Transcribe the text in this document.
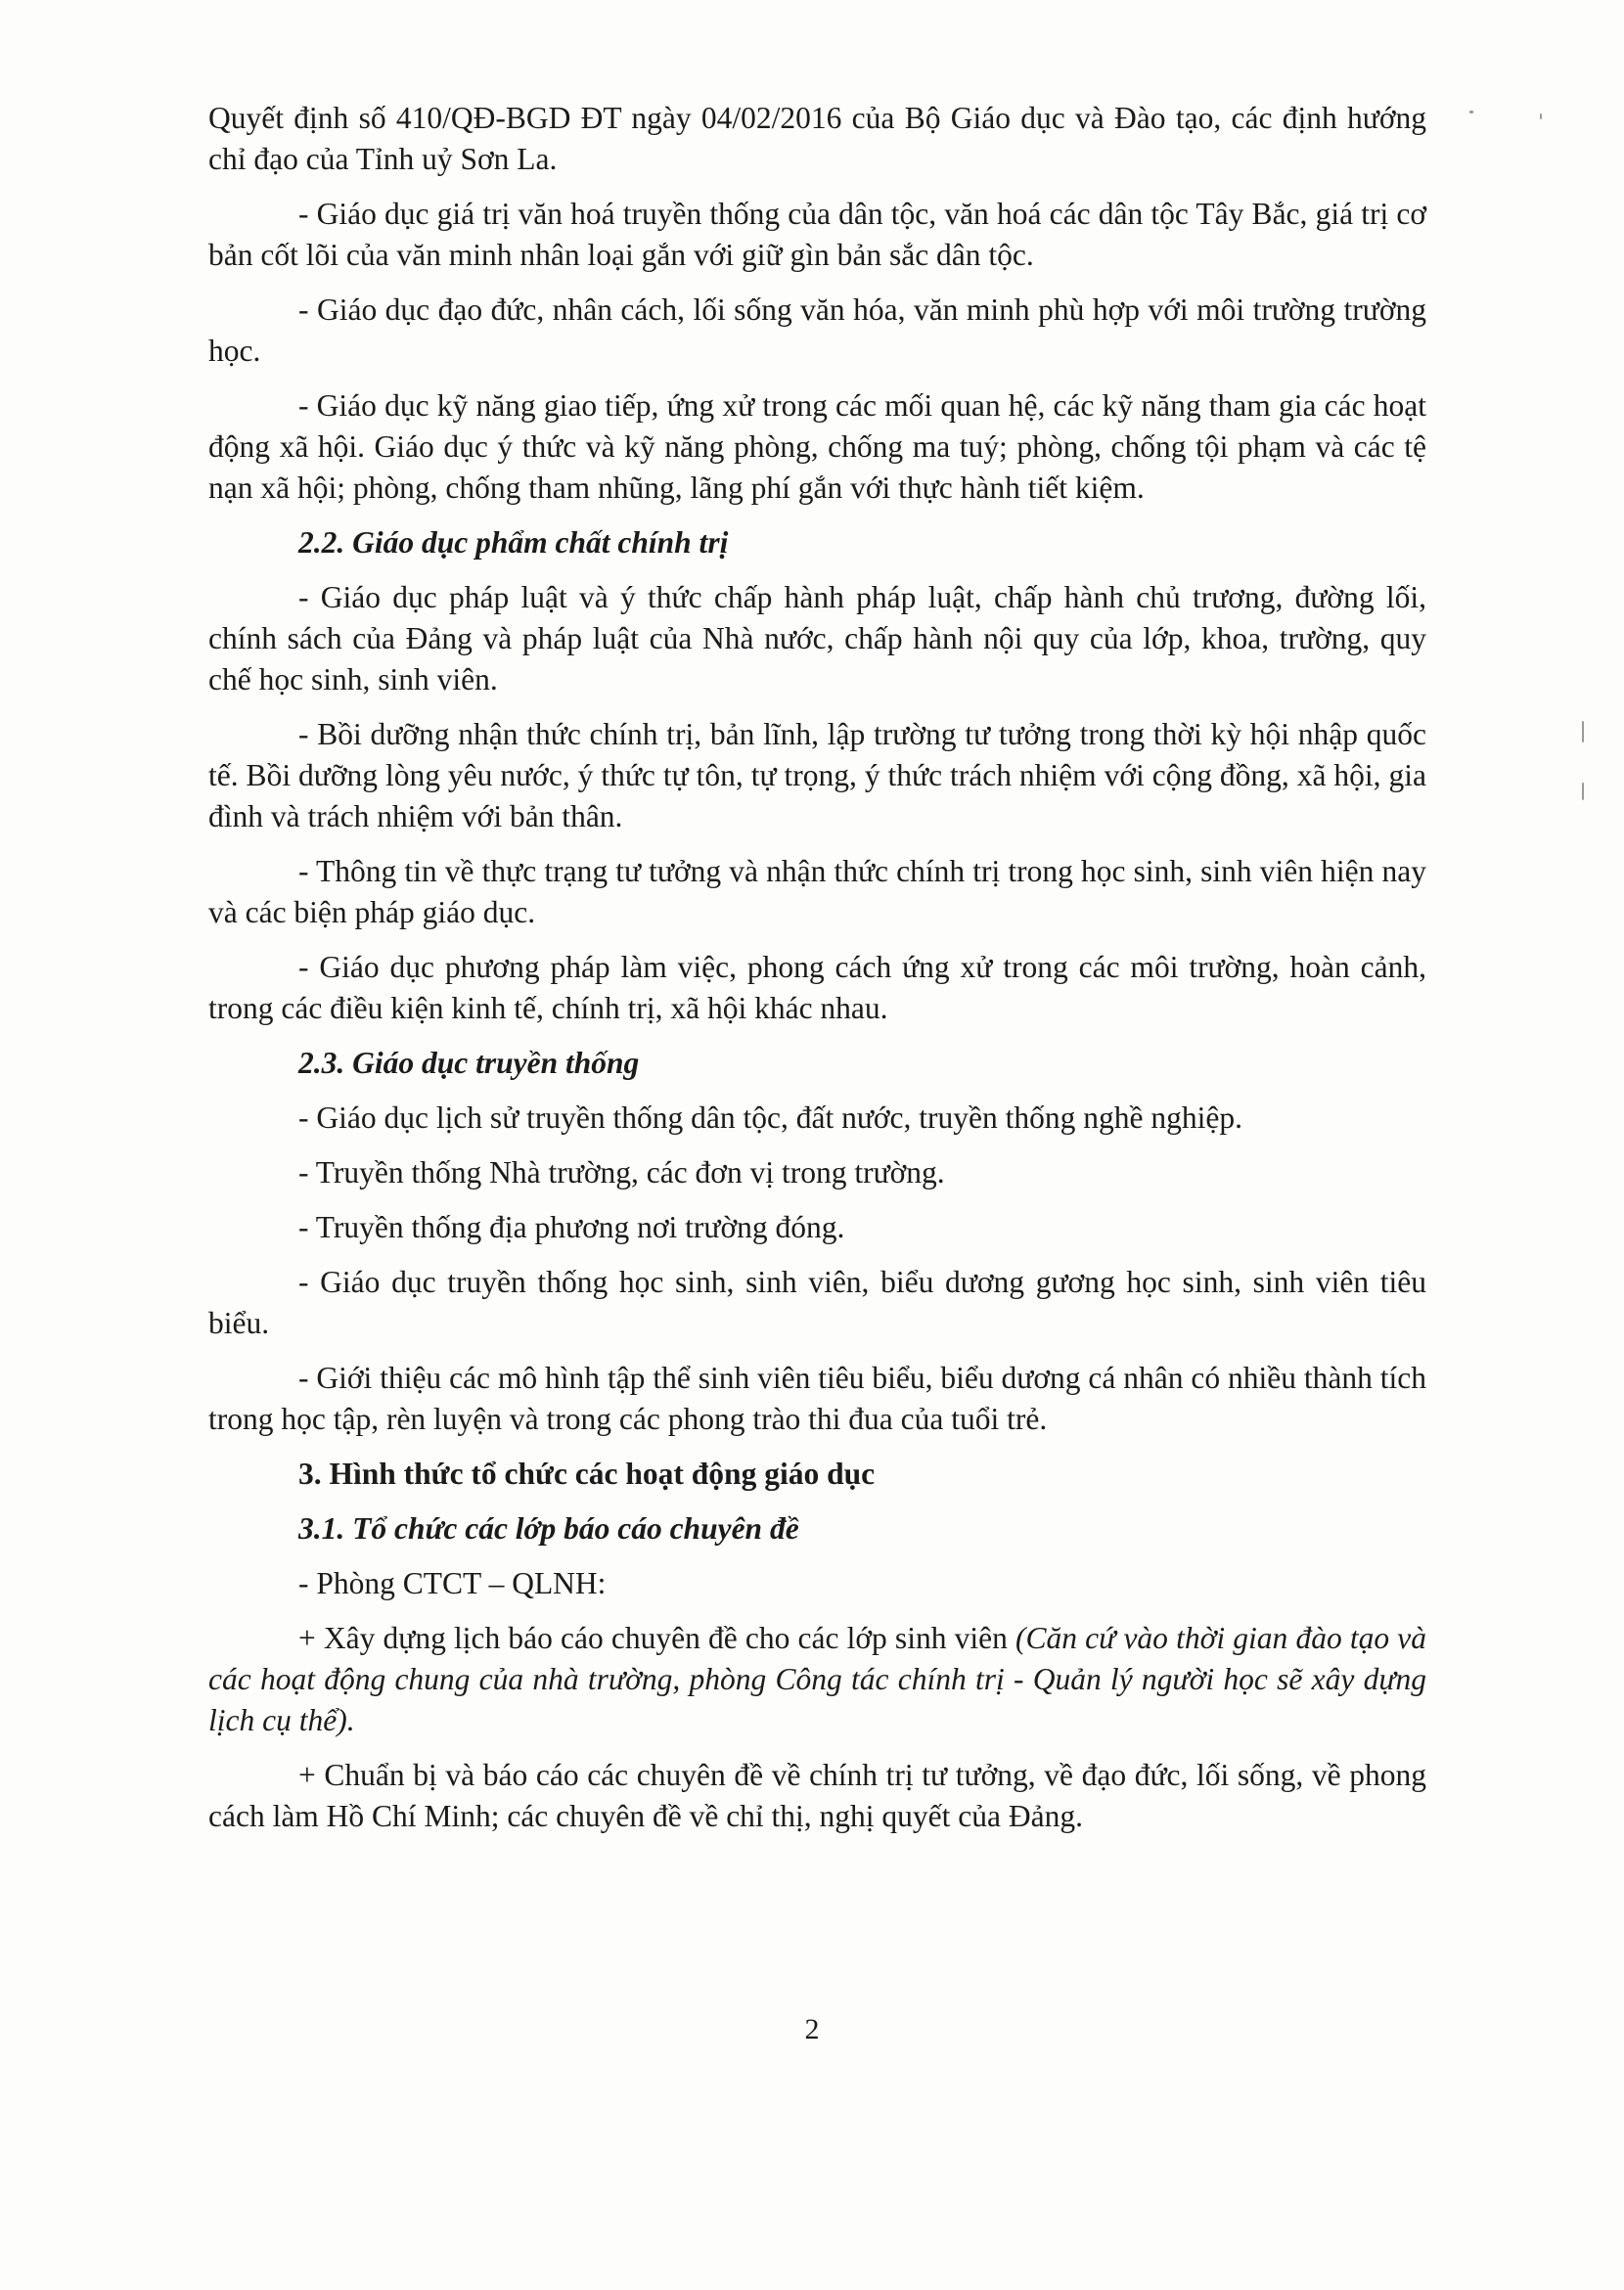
Quyết định số 410/QĐ-BGD ĐT ngày 04/02/2016 của Bộ Giáo dục và Đào tạo, các định hướng chỉ đạo của Tỉnh uỷ Sơn La.

- Giáo dục giá trị văn hoá truyền thống của dân tộc, văn hoá các dân tộc Tây Bắc, giá trị cơ bản cốt lõi của văn minh nhân loại gắn với giữ gìn bản sắc dân tộc.

- Giáo dục đạo đức, nhân cách, lối sống văn hóa, văn minh phù hợp với môi trường trường học.

- Giáo dục kỹ năng giao tiếp, ứng xử trong các mối quan hệ, các kỹ năng tham gia các hoạt động xã hội. Giáo dục ý thức và kỹ năng phòng, chống ma tuý; phòng, chống tội phạm và các tệ nạn xã hội; phòng, chống tham nhũng, lãng phí gắn với thực hành tiết kiệm.

2.2. Giáo dục phẩm chất chính trị

- Giáo dục pháp luật và ý thức chấp hành pháp luật, chấp hành chủ trương, đường lối, chính sách của Đảng và pháp luật của Nhà nước, chấp hành nội quy của lớp, khoa, trường, quy chế học sinh, sinh viên.

- Bồi dưỡng nhận thức chính trị, bản lĩnh, lập trường tư tưởng trong thời kỳ hội nhập quốc tế. Bồi dưỡng lòng yêu nước, ý thức tự tôn, tự trọng, ý thức trách nhiệm với cộng đồng, xã hội, gia đình và trách nhiệm với bản thân.

- Thông tin về thực trạng tư tưởng và nhận thức chính trị trong học sinh, sinh viên hiện nay và các biện pháp giáo dục.

- Giáo dục phương pháp làm việc, phong cách ứng xử trong các môi trường, hoàn cảnh, trong các điều kiện kinh tế, chính trị, xã hội khác nhau.

2.3. Giáo dục truyền thống

- Giáo dục lịch sử truyền thống dân tộc, đất nước, truyền thống nghề nghiệp.

- Truyền thống Nhà trường, các đơn vị trong trường.

- Truyền thống địa phương nơi trường đóng.

- Giáo dục truyền thống học sinh, sinh viên, biểu dương gương học sinh, sinh viên tiêu biểu.

- Giới thiệu các mô hình tập thể sinh viên tiêu biểu, biểu dương cá nhân có nhiều thành tích trong học tập, rèn luyện và trong các phong trào thi đua của tuổi trẻ.

3. Hình thức tổ chức các hoạt động giáo dục

3.1. Tổ chức các lớp báo cáo chuyên đề

- Phòng CTCT – QLNH:

+ Xây dựng lịch báo cáo chuyên đề cho các lớp sinh viên (Căn cứ vào thời gian đào tạo và các hoạt động chung của nhà trường, phòng Công tác chính trị - Quản lý người học sẽ xây dựng lịch cụ thể).

+ Chuẩn bị và báo cáo các chuyên đề về chính trị tư tưởng, về đạo đức, lối sống, về phong cách làm Hồ Chí Minh; các chuyên đề về chỉ thị, nghị quyết của Đảng.

2
